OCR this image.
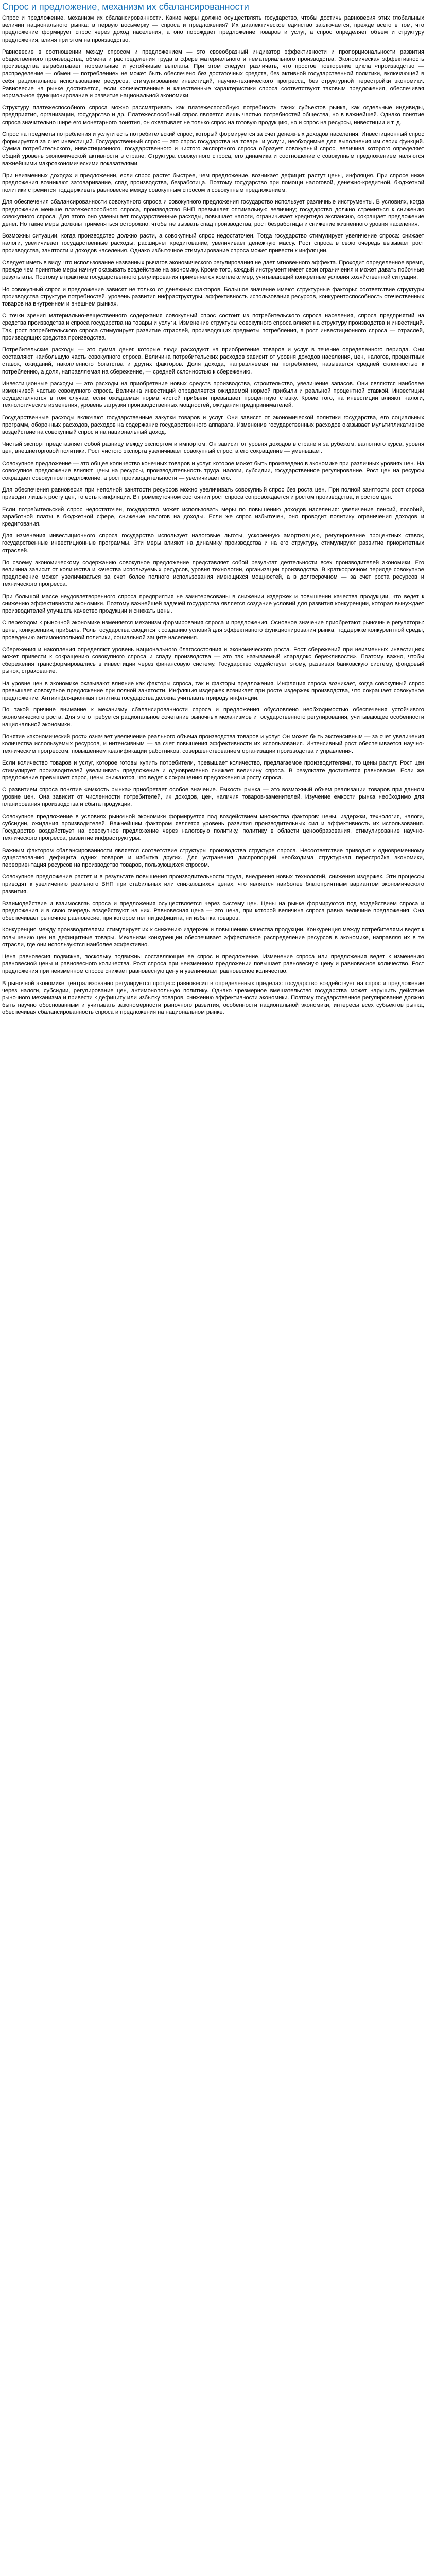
Спрос и предложение, механизм их сбалансированности

Спрос и предложение, механизм их сбалансированности. Какие меры должно осуществлять государство, чтобы достичь равновесия этих глобальных величин национального рынка: в первую восьмерку — спроса и предложения? Их диалектическое единство заключается, прежде всего в том, что предложение формирует спрос через доход населения, а оно порождает предложение товаров и услуг, а спрос определяет объем и структуру предложения, влияя при этом на производство.

Равновесие в соотношении между спросом и предложением — это своеобразный индикатор эффективности и пропорциональности развития общественного производства, обмена и распределения труда в сфере материального и нематериального производства. Экономическая эффективность производства вырабатывает нормальные и устойчивые выплаты. При этом следует различать, что простое повторение цикла «производство — распределение — обмен — потребление» не может быть обеспечено без достаточных средств, без активной государственной политики, включающей в себя рациональное использование ресурсов, стимулирование инвестиций, научно-технического прогресса, без структурной перестройки экономики. Равновесие на рынке достигается, если количественные и качественные характеристики спроса соответствуют таковым предложения, обеспечивая нормальное функционирование и развитие национальной экономики.

Структуру платежеспособного спроса можно рассматривать как платежеспособную потребность таких субъектов рынка, как отдельные индивиды, предприятия, организации, государство и др. Платежеспособный спрос является лишь частью потребностей общества, но в важнейшей. Однако понятие спроса значительно шире его монетарного понятия, он охватывает не только спрос на готовую продукцию, но и спрос на ресурсы, инвестиции и т. д.

Спрос на предметы потребления и услуги есть потребительский спрос, который формируется за счет денежных доходов населения. Инвестиционный спрос формируется за счет инвестиций. Государственный спрос — это спрос государства на товары и услуги, необходимые для выполнения им своих функций. Сумма потребительского, инвестиционного, государственного и чистого экспортного спроса образует совокупный спрос, величина которого определяет общий уровень экономической активности в стране. Структура совокупного спроса, его динамика и соотношение с совокупным предложением являются важнейшими макроэкономическими показателями.

При неизменных доходах и предложении, если спрос растет быстрее, чем предложение, возникает дефицит, растут цены, инфляция. При спросе ниже предложения возникают затоваривание, спад производства, безработица. Поэтому государство при помощи налоговой, денежно-кредитной, бюджетной политики стремится поддерживать равновесие между совокупным спросом и совокупным предложением.

Для обеспечения сбалансированности совокупного спроса и совокупного предложения государство использует различные инструменты. В условиях, когда предложение меньше платежеспособного спроса, производство ВНП превышает оптимальную величину; государство должно стремиться к снижению совокупного спроса. Для этого оно уменьшает государственные расходы, повышает налоги, ограничивает кредитную экспансию, сокращает предложение денег. Но такие меры должны применяться осторожно, чтобы не вызвать спад производства, рост безработицы и снижение жизненного уровня населения.

Возможны ситуации, когда производство должно расти, а совокупный спрос недостаточен. Тогда государство стимулирует увеличение спроса: снижает налоги, увеличивает государственные расходы, расширяет кредитование, увеличивает денежную массу. Рост спроса в свою очередь вызывает рост производства, занятости и доходов населения. Однако избыточное стимулирование спроса может привести к инфляции.

Следует иметь в виду, что использование названных рычагов экономического регулирования не дает мгновенного эффекта. Проходит определенное время, прежде чем принятые меры начнут оказывать воздействие на экономику. Кроме того, каждый инструмент имеет свои ограничения и может давать побочные результаты. Поэтому в практике государственного регулирования применяется комплекс мер, учитывающий конкретные условия хозяйственной ситуации.

Но совокупный спрос и предложение зависят не только от денежных факторов. Большое значение имеют структурные факторы: соответствие структуры производства структуре потребностей, уровень развития инфраструктуры, эффективность использования ресурсов, конкурентоспособность отечественных товаров на внутреннем и внешнем рынках.

С точки зрения материально-вещественного содержания совокупный спрос состоит из потребительского спроса населения, спроса предприятий на средства производства и спроса государства на товары и услуги. Изменение структуры совокупного спроса влияет на структуру производства и инвестиций. Так, рост потребительского спроса стимулирует развитие отраслей, производящих предметы потребления, а рост инвестиционного спроса — отраслей, производящих средства производства.

Потребительские расходы — это сумма денег, которые люди расходуют на приобретение товаров и услуг в течение определенного периода. Они составляют наибольшую часть совокупного спроса. Величина потребительских расходов зависит от уровня доходов населения, цен, налогов, процентных ставок, ожиданий, накопленного богатства и других факторов. Доля дохода, направляемая на потребление, называется средней склонностью к потреблению, а доля, направляемая на сбережение, — средней склонностью к сбережению.

Инвестиционные расходы — это расходы на приобретение новых средств производства, строительство, увеличение запасов. Они являются наиболее изменчивой частью совокупного спроса. Величина инвестиций определяется ожидаемой нормой прибыли и реальной процентной ставкой. Инвестиции осуществляются в том случае, если ожидаемая норма чистой прибыли превышает процентную ставку. Кроме того, на инвестиции влияют налоги, технологические изменения, уровень загрузки производственных мощностей, ожидания предпринимателей.

Государственные расходы включают государственные закупки товаров и услуг. Они зависят от экономической политики государства, его социальных программ, оборонных расходов, расходов на содержание государственного аппарата. Изменение государственных расходов оказывает мультипликативное воздействие на совокупный спрос и на национальный доход.

Чистый экспорт представляет собой разницу между экспортом и импортом. Он зависит от уровня доходов в стране и за рубежом, валютного курса, уровня цен, внешнеторговой политики. Рост чистого экспорта увеличивает совокупный спрос, а его сокращение — уменьшает.

Совокупное предложение — это общее количество конечных товаров и услуг, которое может быть произведено в экономике при различных уровнях цен. На совокупное предложение влияют цены на ресурсы, производительность труда, налоги, субсидии, государственное регулирование. Рост цен на ресурсы сокращает совокупное предложение, а рост производительности — увеличивает его.

Для обеспечения равновесия при неполной занятости ресурсов можно увеличивать совокупный спрос без роста цен. При полной занятости рост спроса приводит лишь к росту цен, то есть к инфляции. В промежуточном состоянии рост спроса сопровождается и ростом производства, и ростом цен.

Если потребительский спрос недостаточен, государство может использовать меры по повышению доходов населения: увеличение пенсий, пособий, заработной платы в бюджетной сфере, снижение налогов на доходы. Если же спрос избыточен, оно проводит политику ограничения доходов и кредитования.

Для изменения инвестиционного спроса государство использует налоговые льготы, ускоренную амортизацию, регулирование процентных ставок, государственные инвестиционные программы. Эти меры влияют на динамику производства и на его структуру, стимулируют развитие приоритетных отраслей.

По своему экономическому содержанию совокупное предложение представляет собой результат деятельности всех производителей экономики. Его величина зависит от количества и качества используемых ресурсов, уровня технологии, организации производства. В краткосрочном периоде совокупное предложение может увеличиваться за счет более полного использования имеющихся мощностей, а в долгосрочном — за счет роста ресурсов и технического прогресса.

При большой массе неудовлетворенного спроса предприятия не заинтересованы в снижении издержек и повышении качества продукции, что ведет к снижению эффективности экономики. Поэтому важнейшей задачей государства является создание условий для развития конкуренции, которая вынуждает производителей улучшать качество продукции и снижать цены.

С переходом к рыночной экономике изменяется механизм формирования спроса и предложения. Основное значение приобретают рыночные регуляторы: цены, конкуренция, прибыль. Роль государства сводится к созданию условий для эффективного функционирования рынка, поддержке конкурентной среды, проведению антимонопольной политики, социальной защите населения.

Сбережения и накопления определяют уровень национального благосостояния и экономического роста. Рост сбережений при неизменных инвестициях может привести к сокращению совокупного спроса и спаду производства — это так называемый «парадокс бережливости». Поэтому важно, чтобы сбережения трансформировались в инвестиции через финансовую систему. Государство содействует этому, развивая банковскую систему, фондовый рынок, страхование.

На уровне цен в экономике оказывают влияние как факторы спроса, так и факторы предложения. Инфляция спроса возникает, когда совокупный спрос превышает совокупное предложение при полной занятости. Инфляция издержек возникает при росте издержек производства, что сокращает совокупное предложение. Антиинфляционная политика государства должна учитывать природу инфляции.

По такой причине внимание к механизму сбалансированности спроса и предложения обусловлено необходимостью обеспечения устойчивого экономического роста. Для этого требуется рациональное сочетание рыночных механизмов и государственного регулирования, учитывающее особенности национальной экономики.

Понятие «экономический рост» означает увеличение реального объема производства товаров и услуг. Он может быть экстенсивным — за счет увеличения количества используемых ресурсов, и интенсивным — за счет повышения эффективности их использования. Интенсивный рост обеспечивается научно-техническим прогрессом, повышением квалификации работников, совершенствованием организации производства и управления.

Если количество товаров и услуг, которое готовы купить потребители, превышает количество, предлагаемое производителями, то цены растут. Рост цен стимулирует производителей увеличивать предложение и одновременно снижает величину спроса. В результате достигается равновесие. Если же предложение превышает спрос, цены снижаются, что ведет к сокращению предложения и росту спроса.

С развитием спроса понятие «емкость рынка» приобретает особое значение. Емкость рынка — это возможный объем реализации товаров при данном уровне цен. Она зависит от численности потребителей, их доходов, цен, наличия товаров-заменителей. Изучение емкости рынка необходимо для планирования производства и сбыта продукции.

Совокупное предложение в условиях рыночной экономики формируется под воздействием множества факторов: цены, издержки, технология, налоги, субсидии, ожидания производителей. Важнейшим фактором является уровень развития производительных сил и эффективность их использования. Государство воздействует на совокупное предложение через налоговую политику, политику в области ценообразования, стимулирование научно-технического прогресса, развитие инфраструктуры.

Важным фактором сбалансированности является соответствие структуры производства структуре спроса. Несоответствие приводит к одновременному существованию дефицита одних товаров и избытка других. Для устранения диспропорций необходима структурная перестройка экономики, переориентация ресурсов на производство товаров, пользующихся спросом.

Совокупное предложение растет и в результате повышения производительности труда, внедрения новых технологий, снижения издержек. Эти процессы приводят к увеличению реального ВНП при стабильных или снижающихся ценах, что является наиболее благоприятным вариантом экономического развития.

Взаимодействие и взаимосвязь спроса и предложения осуществляется через систему цен. Цены на рынке формируются под воздействием спроса и предложения и в свою очередь воздействуют на них. Равновесная цена — это цена, при которой величина спроса равна величине предложения. Она обеспечивает рыночное равновесие, при котором нет ни дефицита, ни избытка товаров.

Конкуренция между производителями стимулирует их к снижению издержек и повышению качества продукции. Конкуренция между потребителями ведет к повышению цен на дефицитные товары. Механизм конкуренции обеспечивает эффективное распределение ресурсов в экономике, направляя их в те отрасли, где они используются наиболее эффективно.

Цена равновесия подвижна, поскольку подвижны составляющие ее спрос и предложение. Изменение спроса или предложения ведет к изменению равновесной цены и равновесного количества. Рост спроса при неизменном предложении повышает равновесную цену и равновесное количество. Рост предложения при неизменном спросе снижает равновесную цену и увеличивает равновесное количество.

В рыночной экономике централизованно регулируется процесс равновесия в определенных пределах: государство воздействует на спрос и предложение через налоги, субсидии, регулирование цен, антимонопольную политику. Однако чрезмерное вмешательство государства может нарушить действие рыночного механизма и привести к дефициту или избытку товаров, снижению эффективности экономики. Поэтому государственное регулирование должно быть научно обоснованным и учитывать закономерности рыночного развития, особенности национальной экономики, интересы всех субъектов рынка, обеспечивая сбалансированность спроса и предложения на национальном рынке.
